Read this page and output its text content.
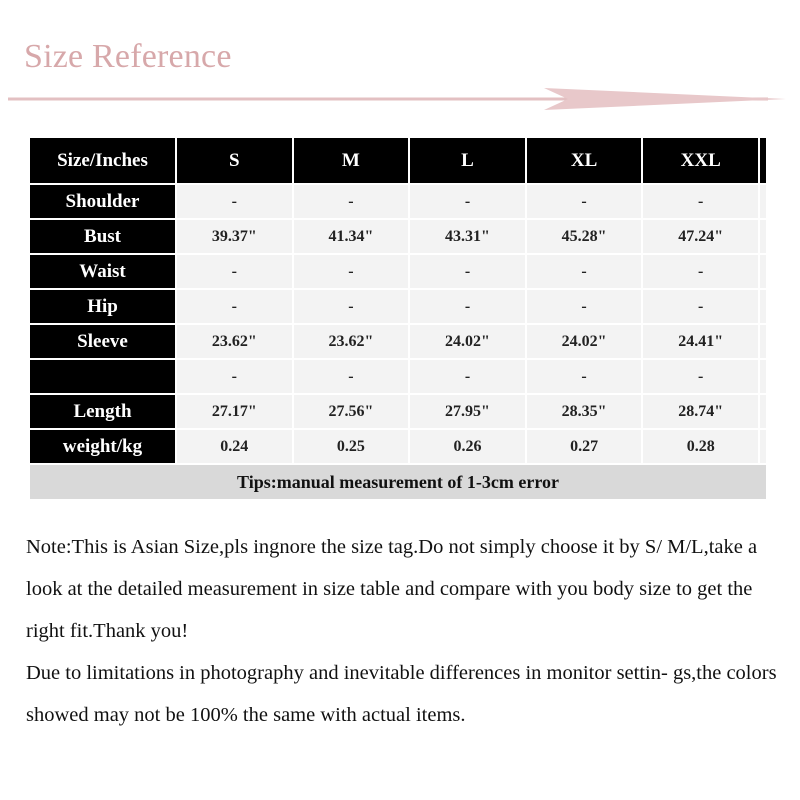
Size Reference
Size/Inches	S	M	L	XL	XXL	
Shoulder	-	-	-	-	-	
Bust	39.37"	41.34"	43.31"	45.28"	47.24"	
Waist	-	-	-	-	-	
Hip	-	-	-	-	-	
Sleeve	23.62"	23.62"	24.02"	24.02"	24.41"	
	-	-	-	-	-	
Length	27.17"	27.56"	27.95"	28.35"	28.74"	
weight/kg	0.24	0.25	0.26	0.27	0.28	
Tips:manual measurement of 1-3cm error						

Note:This is Asian Size,pls ingnore the size tag.Do not simply choose it by S/ M/L,take a look at the detailed measurement in size table and compare with you body size to get the right fit.Thank you!

Due to limitations in photography and inevitable differences in monitor settin- gs,the colors showed may not be 100% the same with actual items.
